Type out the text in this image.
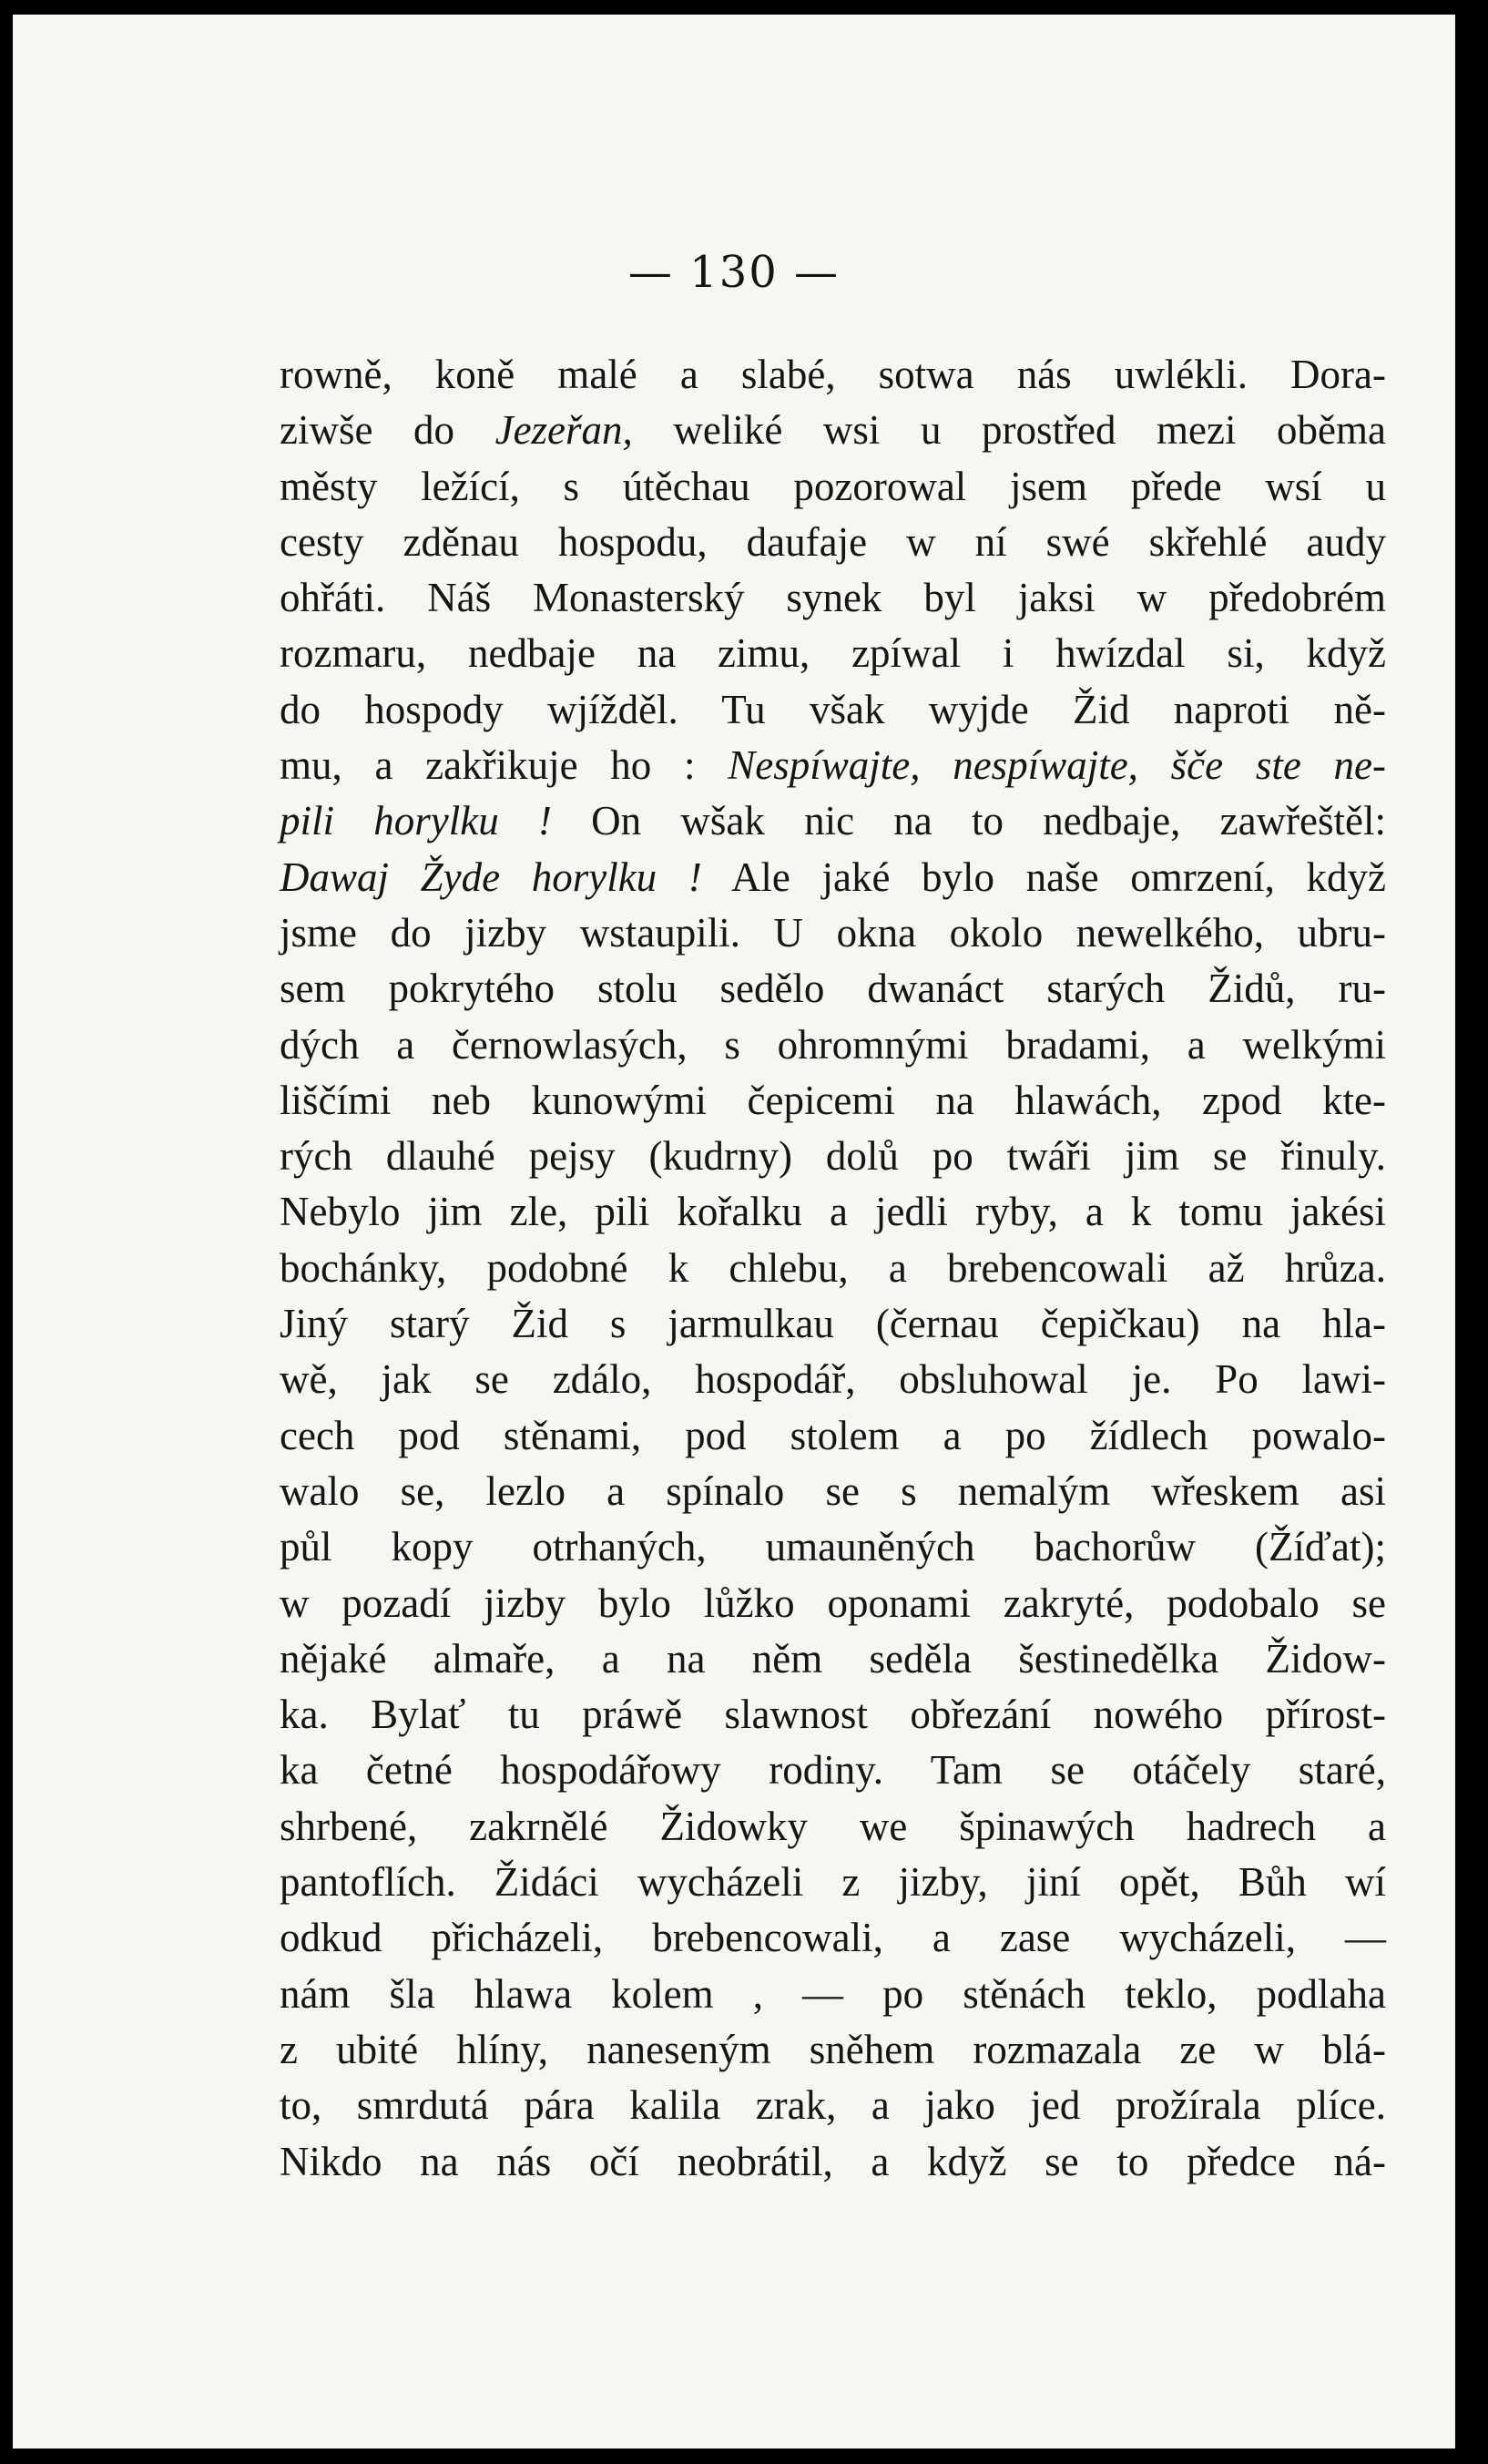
— 130 —
rowně, koně malé a slabé, sotwa nás uwlékli. Dora-
ziwše do Jezeřan, weliké wsi u prostřed mezi oběma
městy ležící, s útěchau pozorowal jsem přede wsí u
cesty zděnau hospodu, daufaje w ní swé skřehlé audy
ohřáti. Náš Monasterský synek byl jaksi w předobrém
rozmaru, nedbaje na zimu, zpíwal i hwízdal si, když
do hospody wjížděl. Tu však wyjde Žid naproti ně-
mu, a zakřikuje ho : Nespíwajte, nespíwajte, šče ste ne-
pili horylku ! On wšak nic na to nedbaje, zawřeštěl:
Dawaj Žyde horylku ! Ale jaké bylo naše omrzení, když
jsme do jizby wstaupili. U okna okolo newelkého, ubru-
sem pokrytého stolu sedělo dwanáct starých Židů, ru-
dých a černowlasých, s ohromnými bradami, a welkými
liščími neb kunowými čepicemi na hlawách, zpod kte-
rých dlauhé pejsy (kudrny) dolů po twáři jim se řinuly.
Nebylo jim zle, pili kořalku a jedli ryby, a k tomu jakési
bochánky, podobné k chlebu, a brebencowali až hrůza.
Jiný starý Žid s jarmulkau (černau čepičkau) na hla-
wě, jak se zdálo, hospodář, obsluhowal je. Po lawi-
cech pod stěnami, pod stolem a po žídlech powalo-
walo se, lezlo a spínalo se s nemalým wřeskem asi
půl kopy otrhaných, umauněných bachorůw (Žíďat);
w pozadí jizby bylo lůžko oponami zakryté, podobalo se
nějaké almaře, a na něm seděla šestinedělka Židow-
ka. Bylať tu práwě slawnost obřezání nowého přírost-
ka četné hospodářowy rodiny. Tam se otáčely staré,
shrbené, zakrnělé Židowky we špinawých hadrech a
pantoflích. Židáci wycházeli z jizby, jiní opět, Bůh wí
odkud přicházeli, brebencowali, a zase wycházeli, —
nám šla hlawa kolem , — po stěnách teklo, podlaha
z ubité hlíny, naneseným sněhem rozmazala ze w blá-
to, smrdutá pára kalila zrak, a jako jed prožírala plíce.
Nikdo na nás očí neobrátil, a když se to předce ná-
